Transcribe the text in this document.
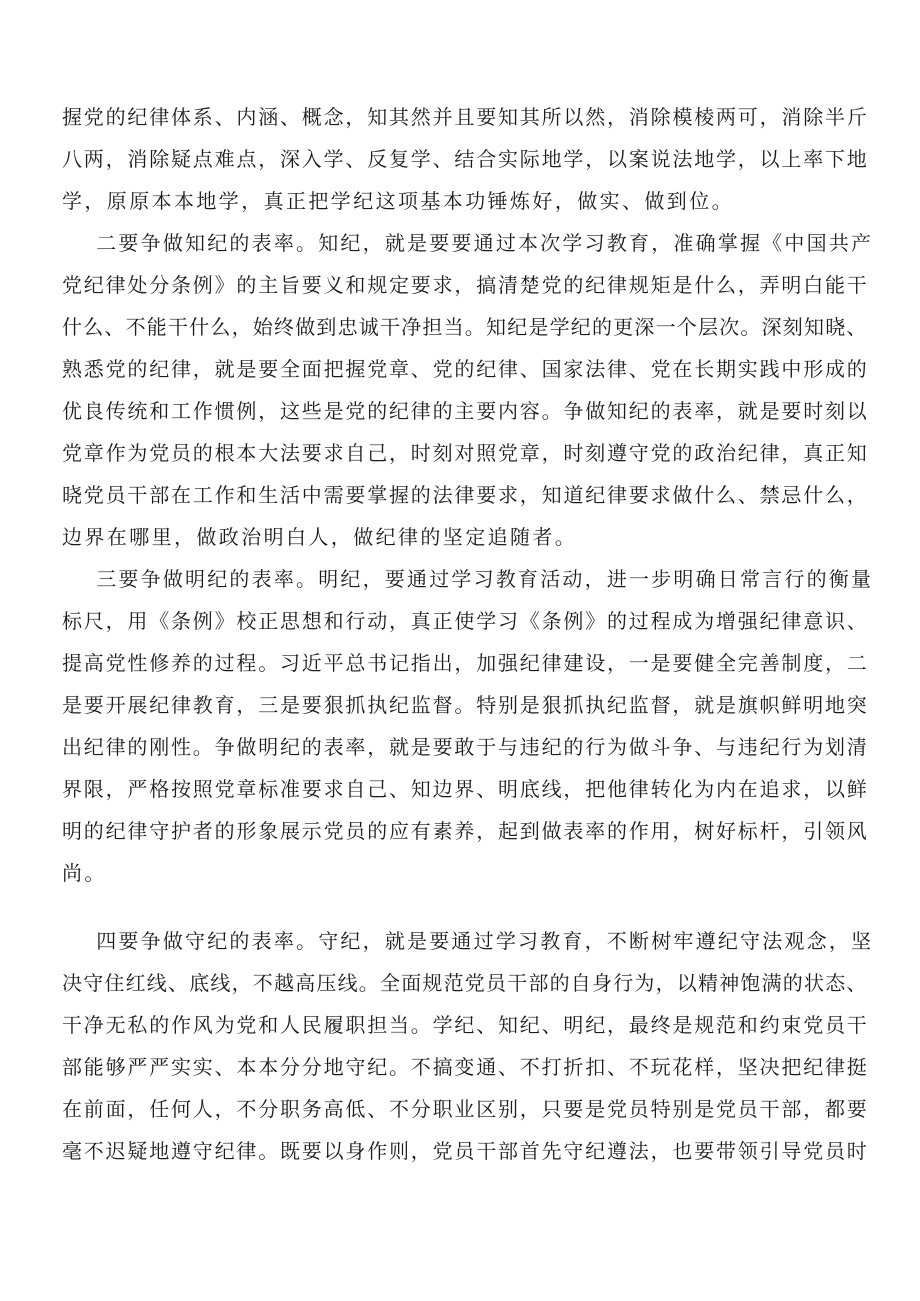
握党的纪律体系、内涵、概念，知其然并且要知其所以然，消除模棱两可，消除半斤

八两，消除疑点难点，深入学、反复学、结合实际地学，以案说法地学，以上率下地

学，原原本本地学，真正把学纪这项基本功锤炼好，做实、做到位。

二要争做知纪的表率。知纪，就是要要通过本次学习教育，准确掌握《中国共产

党纪律处分条例》的主旨要义和规定要求，搞清楚党的纪律规矩是什么，弄明白能干

什么、不能干什么，始终做到忠诚干净担当。知纪是学纪的更深一个层次。深刻知晓、

熟悉党的纪律，就是要全面把握党章、党的纪律、国家法律、党在长期实践中形成的

优良传统和工作惯例，这些是党的纪律的主要内容。争做知纪的表率，就是要时刻以

党章作为党员的根本大法要求自己，时刻对照党章，时刻遵守党的政治纪律，真正知

晓党员干部在工作和生活中需要掌握的法律要求，知道纪律要求做什么、禁忌什么，

边界在哪里，做政治明白人，做纪律的坚定追随者。

三要争做明纪的表率。明纪，要通过学习教育活动，进一步明确日常言行的衡量

标尺，用《条例》校正思想和行动，真正使学习《条例》的过程成为增强纪律意识、

提高党性修养的过程。习近平总书记指出，加强纪律建设，一是要健全完善制度，二

是要开展纪律教育，三是要狠抓执纪监督。特别是狠抓执纪监督，就是旗帜鲜明地突

出纪律的刚性。争做明纪的表率，就是要敢于与违纪的行为做斗争、与违纪行为划清

界限，严格按照党章标准要求自己、知边界、明底线，把他律转化为内在追求，以鲜

明的纪律守护者的形象展示党员的应有素养，起到做表率的作用，树好标杆，引领风

尚。

四要争做守纪的表率。守纪，就是要通过学习教育，不断树牢遵纪守法观念，坚

决守住红线、底线，不越高压线。全面规范党员干部的自身行为，以精神饱满的状态、

干净无私的作风为党和人民履职担当。学纪、知纪、明纪，最终是规范和约束党员干

部能够严严实实、本本分分地守纪。不搞变通、不打折扣、不玩花样，坚决把纪律挺

在前面，任何人，不分职务高低、不分职业区别，只要是党员特别是党员干部，都要

毫不迟疑地遵守纪律。既要以身作则，党员干部首先守纪遵法，也要带领引导党员时
